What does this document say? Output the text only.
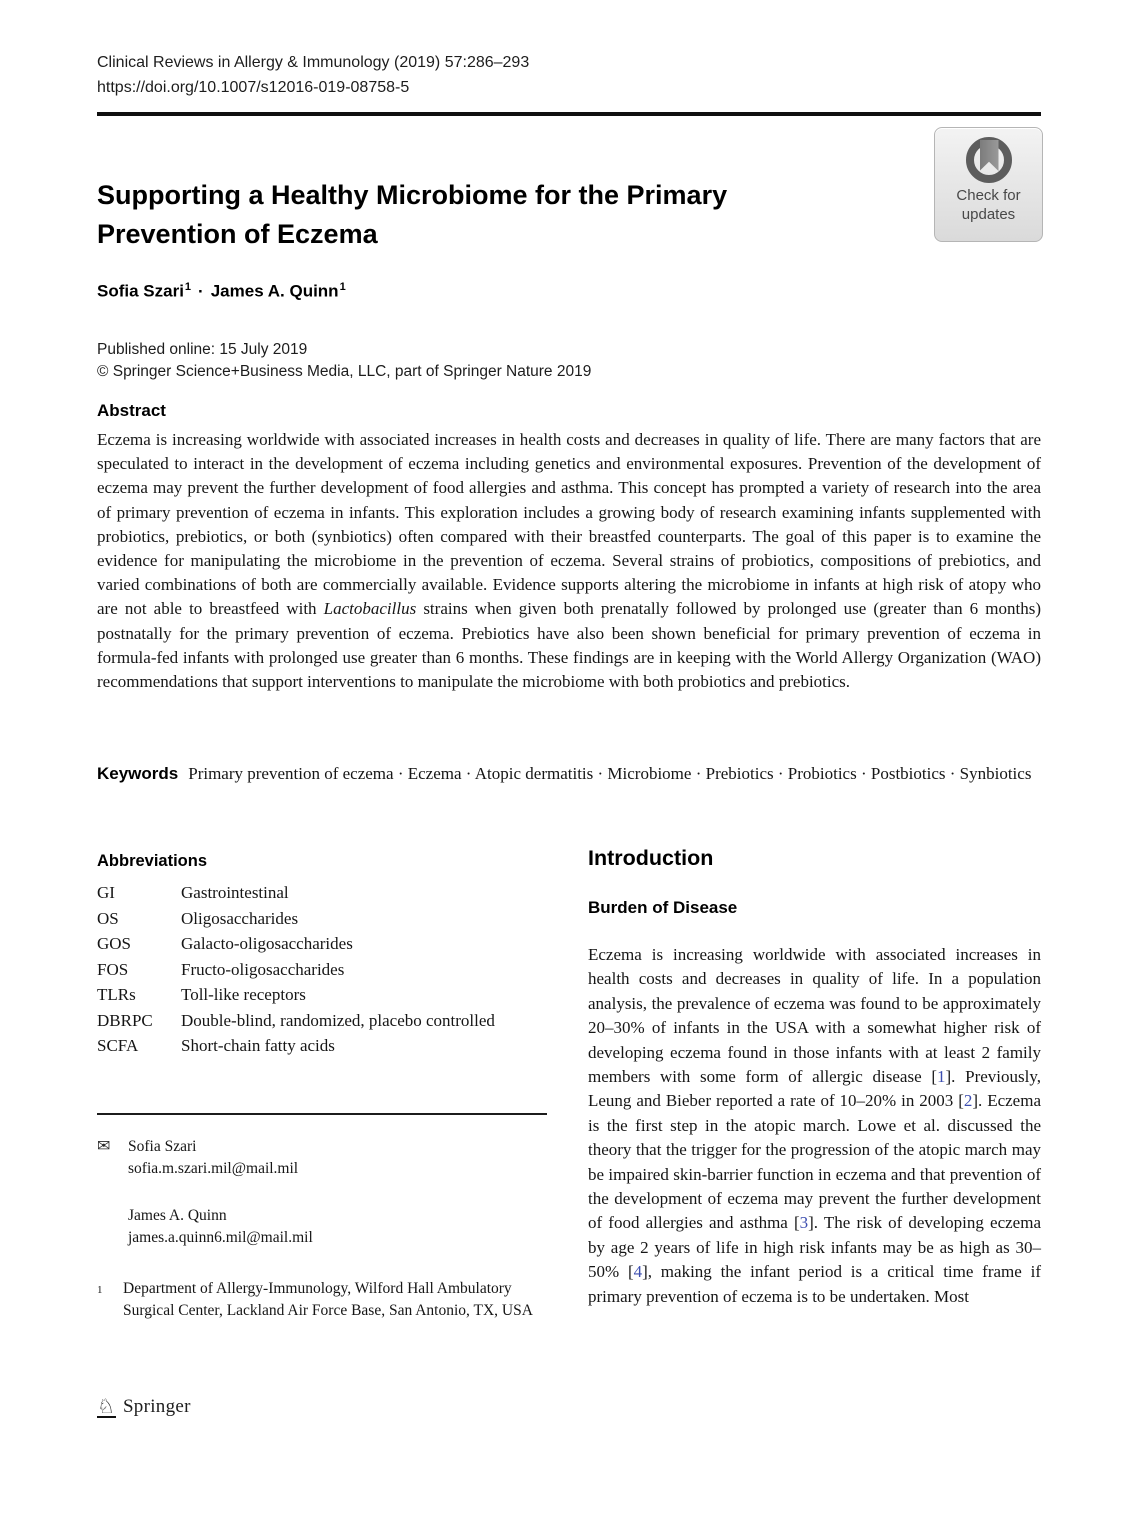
Clinical Reviews in Allergy & Immunology (2019) 57:286–293
https://doi.org/10.1007/s12016-019-08758-5
Check for
updates
Supporting a Healthy Microbiome for the Primary
Prevention of Eczema
Sofia Szari$^1$ · James A. Quinn$^1$
Published online: 15 July 2019
© Springer Science+Business Media, LLC, part of Springer Nature 2019
Abstract
Eczema is increasing worldwide with associated increases in health costs and decreases in quality of life. There are many factors that are speculated to interact in the development of eczema including genetics and environmental exposures. Prevention of the development of eczema may prevent the further development of food allergies and asthma. This concept has prompted a variety of research into the area of primary prevention of eczema in infants. This exploration includes a growing body of research examining infants supplemented with probiotics, prebiotics, or both (synbiotics) often compared with their breastfed counterparts. The goal of this paper is to examine the evidence for manipulating the microbiome in the prevention of eczema. Several strains of probiotics, compositions of prebiotics, and varied combinations of both are commercially available. Evidence supports altering the microbiome in infants at high risk of atopy who are not able to breastfeed with Lactobacillus strains when given both prenatally followed by prolonged use (greater than 6 months) postnatally for the primary prevention of eczema. Prebiotics have also been shown beneficial for primary prevention of eczema in formula-fed infants with prolonged use greater than 6 months. These findings are in keeping with the World Allergy Organization (WAO) recommendations that support interventions to manipulate the microbiome with both probiotics and prebiotics.
Keywords Primary prevention of eczema · Eczema · Atopic dermatitis · Microbiome · Prebiotics · Probiotics · Postbiotics · Synbiotics
Abbreviations
GI	Gastrointestinal
OS	Oligosaccharides
GOS	Galacto-oligosaccharides
FOS	Fructo-oligosaccharides
TLRs	Toll-like receptors
DBRPC	Double-blind, randomized, placebo controlled
SCFA	Short-chain fatty acids
Introduction
Burden of Disease

Eczema is increasing worldwide with associated increases in health costs and decreases in quality of life. In a population analysis, the prevalence of eczema was found to be approximately 20–30% of infants in the USA with a somewhat higher risk of developing eczema found in those infants with at least 2 family members with some form of allergic disease [1]. Previously, Leung and Bieber reported a rate of 10–20% in 2003 [2]. Eczema is the first step in the atopic march. Lowe et al. discussed the theory that the trigger for the progression of the atopic march may be impaired skin-barrier function in eczema and that prevention of the development of eczema may prevent the further development of food allergies and asthma [3]. The risk of developing eczema by age 2 years of life in high risk infants may be as high as 30–50% [4], making the infant period is a critical time frame if primary prevention of eczema is to be undertaken. Most

✉	Sofia Szari
sofia.m.szari.mil@mail.mil
James A. Quinn
james.a.quinn6.mil@mail.mil
1	Department of Allergy-Immunology, Wilford Hall Ambulatory Surgical Center, Lackland Air Force Base, San Antonio, TX, USA
♘ Springer
